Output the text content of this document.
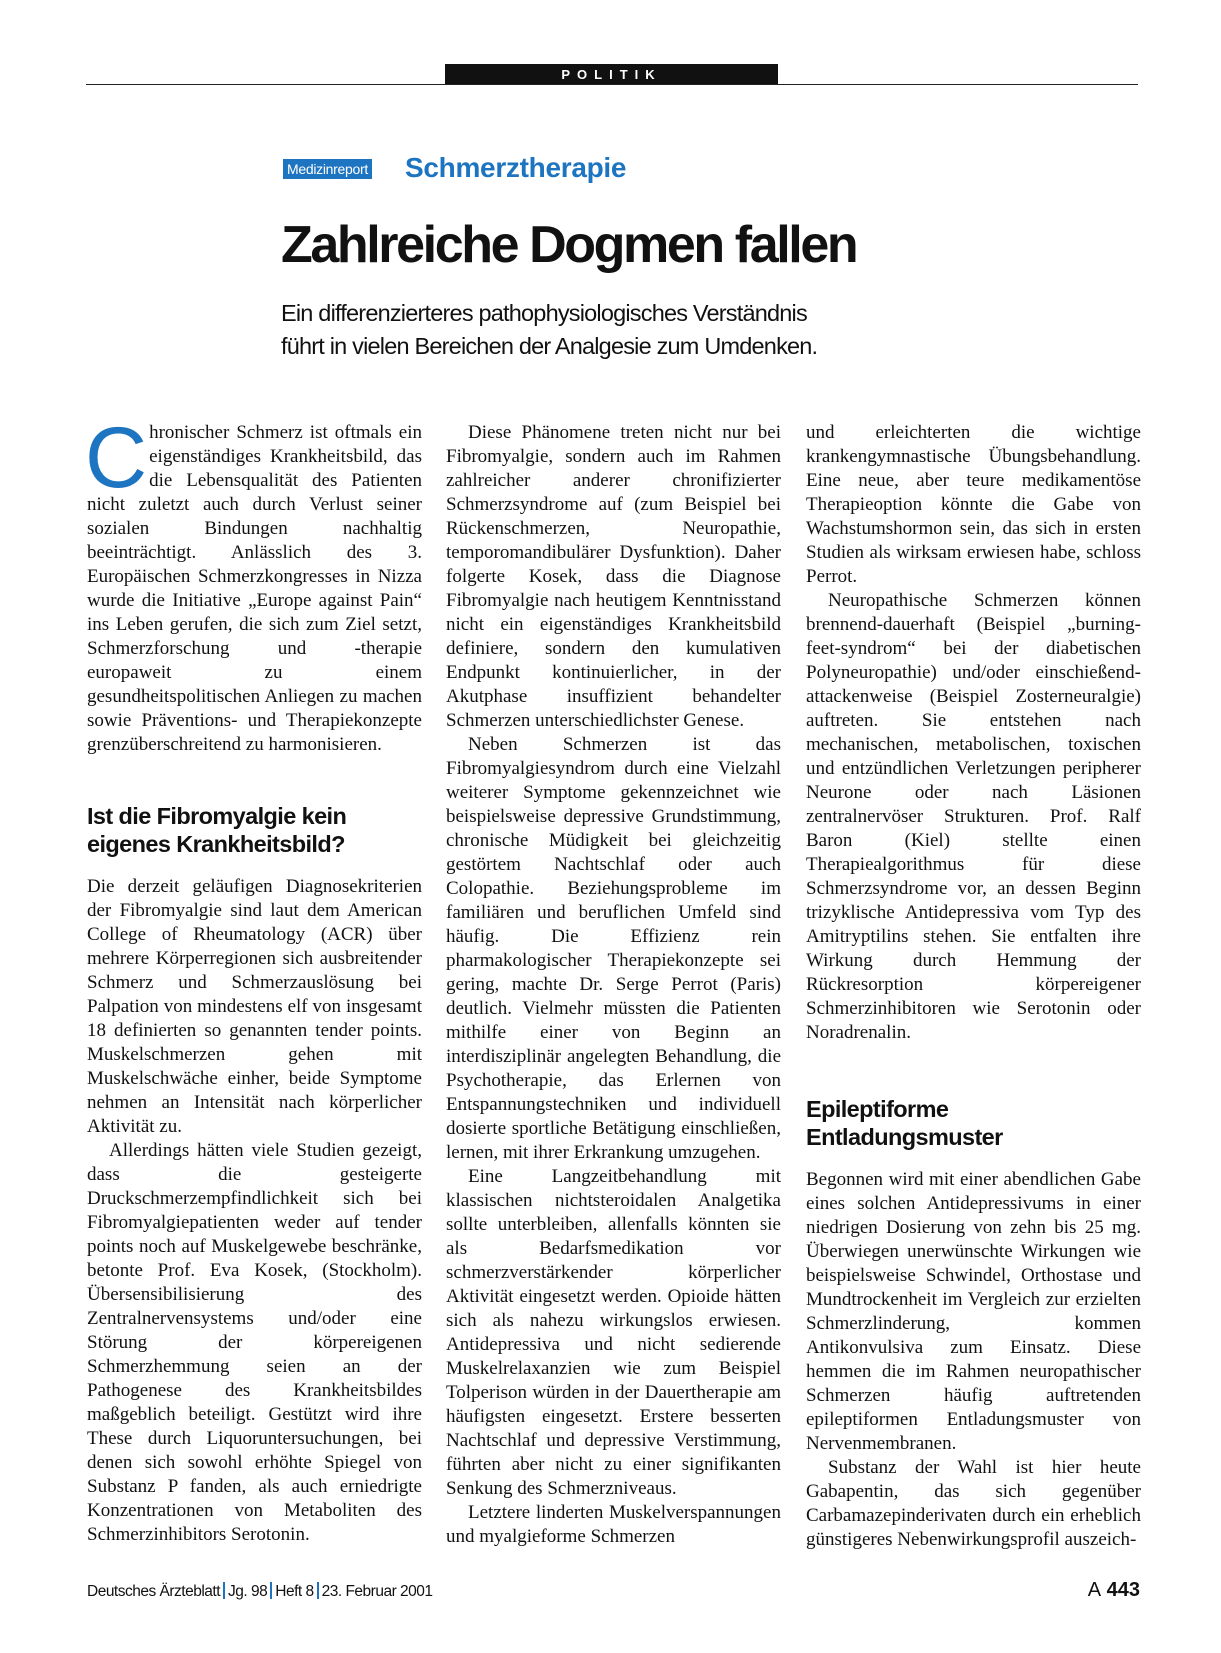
POLITIK
Medizinreport Schmerztherapie
Zahlreiche Dogmen fallen
Ein differenzierteres pathophysiologisches Verständnis
führt in vielen Bereichen der Analgesie zum Umdenken.

Chronischer Schmerz ist oftmals ein eigenständiges Krankheitsbild, das die Lebensqualität des Patienten nicht zuletzt auch durch Verlust seiner sozialen Bindungen nachhaltig beeinträchtigt. Anlässlich des 3. Europäischen Schmerzkongresses in Nizza wurde die Initiative „Europe against Pain“ ins Leben gerufen, die sich zum Ziel setzt, Schmerzforschung und -therapie europaweit zu einem gesundheitspolitischen Anliegen zu machen sowie Präventions- und Therapiekonzepte grenzüberschreitend zu harmonisieren.

Ist die Fibromyalgie kein
eigenes Krankheitsbild?

Die derzeit geläufigen Diagnosekriterien der Fibromyalgie sind laut dem American College of Rheumatology (ACR) über mehrere Körperregionen sich ausbreitender Schmerz und Schmerzauslösung bei Palpation von mindestens elf von insgesamt 18 definierten so genannten tender points. Muskelschmerzen gehen mit Muskelschwäche einher, beide Symptome nehmen an Intensität nach körperlicher Aktivität zu.

Allerdings hätten viele Studien gezeigt, dass die gesteigerte Druckschmerzempfindlichkeit sich bei Fibromyalgiepatienten weder auf tender points noch auf Muskelgewebe beschränke, betonte Prof. Eva Kosek, (Stockholm). Übersensibilisierung des Zentralnervensystems und/oder eine Störung der körpereigenen Schmerzhemmung seien an der Pathogenese des Krankheitsbildes maßgeblich beteiligt. Gestützt wird ihre These durch Liquoruntersuchungen, bei denen sich sowohl erhöhte Spiegel von Substanz P fanden, als auch erniedrigte Konzentrationen von Metaboliten des Schmerzinhibitors Serotonin.

Diese Phänomene treten nicht nur bei Fibromyalgie, sondern auch im Rahmen zahlreicher anderer chronifizierter Schmerzsyndrome auf (zum Beispiel bei Rückenschmerzen, Neuropathie, temporomandibulärer Dysfunktion). Daher folgerte Kosek, dass die Diagnose Fibromyalgie nach heutigem Kenntnisstand nicht ein eigenständiges Krankheitsbild definiere, sondern den kumulativen Endpunkt kontinuierlicher, in der Akutphase insuffizient behandelter Schmerzen unterschiedlichster Genese.

Neben Schmerzen ist das Fibromyalgiesyndrom durch eine Vielzahl weiterer Symptome gekennzeichnet wie beispielsweise depressive Grundstimmung, chronische Müdigkeit bei gleichzeitig gestörtem Nachtschlaf oder auch Colopathie. Beziehungsprobleme im familiären und beruflichen Umfeld sind häufig. Die Effizienz rein pharmakologischer Therapiekonzepte sei gering, machte Dr. Serge Perrot (Paris) deutlich. Vielmehr müssten die Patienten mithilfe einer von Beginn an interdisziplinär angelegten Behandlung, die Psychotherapie, das Erlernen von Entspannungstechniken und individuell dosierte sportliche Betätigung einschließen, lernen, mit ihrer Erkrankung umzugehen.

Eine Langzeitbehandlung mit klassischen nichtsteroidalen Analgetika sollte unterbleiben, allenfalls könnten sie als Bedarfsmedikation vor schmerzverstärkender körperlicher Aktivität eingesetzt werden. Opioide hätten sich als nahezu wirkungslos erwiesen. Antidepressiva und nicht sedierende Muskelrelaxanzien wie zum Beispiel Tolperison würden in der Dauertherapie am häufigsten eingesetzt. Erstere besserten Nachtschlaf und depressive Verstimmung, führten aber nicht zu einer signifikanten Senkung des Schmerzniveaus.

Letztere linderten Muskelverspannungen und myalgieforme Schmerzen

und erleichterten die wichtige krankengymnastische Übungsbehandlung. Eine neue, aber teure medikamentöse Therapieoption könnte die Gabe von Wachstumshormon sein, das sich in ersten Studien als wirksam erwiesen habe, schloss Perrot.

Neuropathische Schmerzen können brennend-dauerhaft (Beispiel „burning-feet-syndrom“ bei der diabetischen Polyneuropathie) und/oder einschießend-attackenweise (Beispiel Zosterneuralgie) auftreten. Sie entstehen nach mechanischen, metabolischen, toxischen und entzündlichen Verletzungen peripherer Neurone oder nach Läsionen zentralnervöser Strukturen. Prof. Ralf Baron (Kiel) stellte einen Therapiealgorithmus für diese Schmerzsyndrome vor, an dessen Beginn trizyklische Antidepressiva vom Typ des Amitryptilins stehen. Sie entfalten ihre Wirkung durch Hemmung der Rückresorption körpereigener Schmerzinhibitoren wie Serotonin oder Noradrenalin.

Epileptiforme
Entladungsmuster

Begonnen wird mit einer abendlichen Gabe eines solchen Antidepressivums in einer niedrigen Dosierung von zehn bis 25 mg. Überwiegen unerwünschte Wirkungen wie beispielsweise Schwindel, Orthostase und Mundtrockenheit im Vergleich zur erzielten Schmerzlinderung, kommen Antikonvulsiva zum Einsatz. Diese hemmen die im Rahmen neuropathischer Schmerzen häufig auftretenden epileptiformen Entladungsmuster von Nervenmembranen.

Substanz der Wahl ist hier heute Gabapentin, das sich gegenüber Carbamazepinderivaten durch ein erheblich günstigeres Nebenwirkungsprofil auszeich-

Deutsches Ärzteblatt Jg. 98 Heft 8 23. Februar 2001	A 443
